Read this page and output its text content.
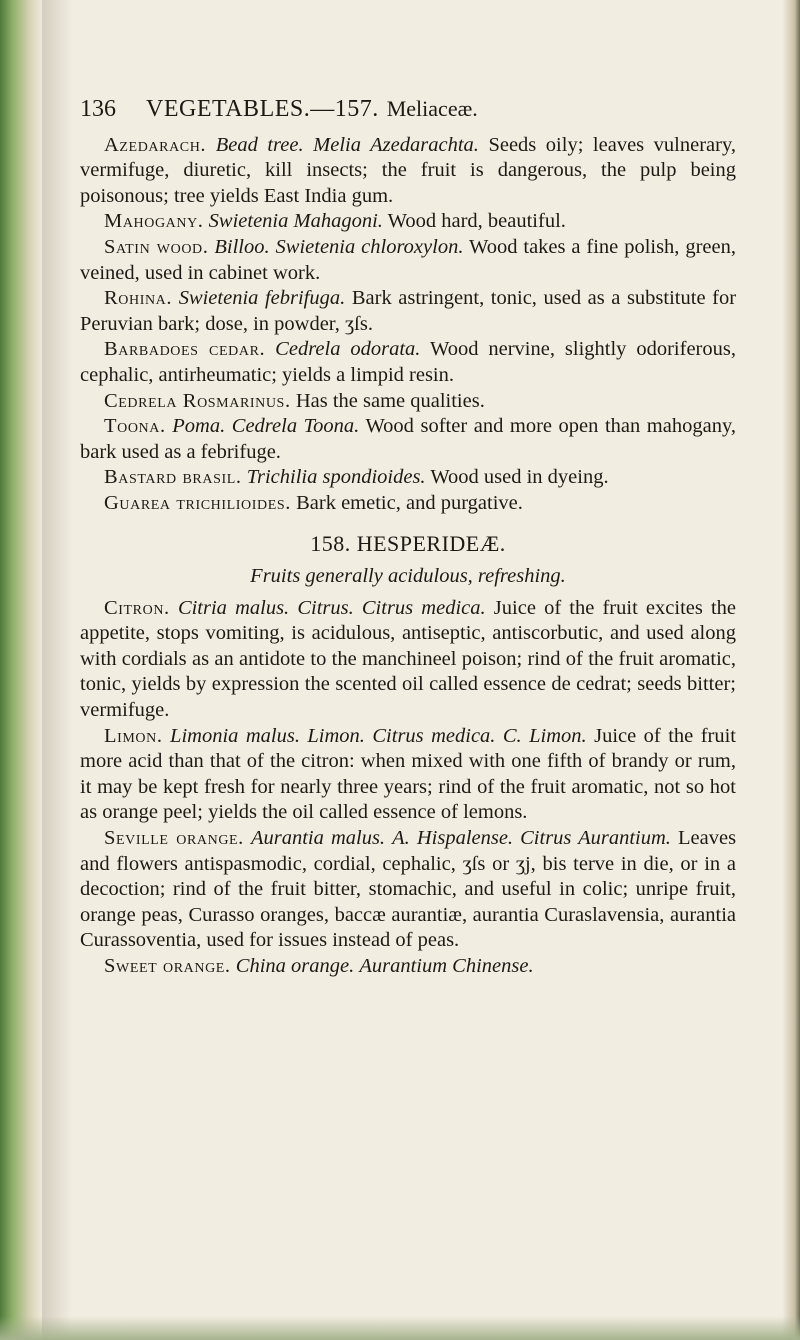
136 VEGETABLES.—157. Meliaceæ.

Azedarach. Bead tree. Melia Azedarachta. Seeds oily; leaves vulnerary, vermifuge, diuretic, kill insects; the fruit is dangerous, the pulp being poisonous; tree yields East India gum.

Mahogany. Swietenia Mahagoni. Wood hard, beautiful.

Satin wood. Billoo. Swietenia chloroxylon. Wood takes a fine polish, green, veined, used in cabinet work.

Rohina. Swietenia febrifuga. Bark astringent, tonic, used as a substitute for Peruvian bark; dose, in powder, ʒſs.

Barbadoes cedar. Cedrela odorata. Wood nervine, slightly odoriferous, cephalic, antirheumatic; yields a limpid resin.

Cedrela Rosmarinus. Has the same qualities.

Toona. Poma. Cedrela Toona. Wood softer and more open than mahogany, bark used as a febrifuge.

Bastard brasil. Trichilia spondioides. Wood used in dyeing.

Guarea trichilioides. Bark emetic, and purgative.

158. HESPERIDEÆ.
Fruits generally acidulous, refreshing.

Citron. Citria malus. Citrus. Citrus medica. Juice of the fruit excites the appetite, stops vomiting, is acidulous, antiseptic, antiscorbutic, and used along with cordials as an antidote to the manchineel poison; rind of the fruit aromatic, tonic, yields by expression the scented oil called essence de cedrat; seeds bitter; vermifuge.

Limon. Limonia malus. Limon. Citrus medica. C. Limon. Juice of the fruit more acid than that of the citron: when mixed with one fifth of brandy or rum, it may be kept fresh for nearly three years; rind of the fruit aromatic, not so hot as orange peel; yields the oil called essence of lemons.

Seville orange. Aurantia malus. A. Hispalense. Citrus Aurantium. Leaves and flowers antispasmodic, cordial, cephalic, ʒſs or ʒj, bis terve in die, or in a decoction; rind of the fruit bitter, stomachic, and useful in colic; unripe fruit, orange peas, Curasso oranges, baccæ aurantiæ, aurantia Curaslavensia, aurantia Curassoventia, used for issues instead of peas.

Sweet orange. China orange. Aurantium Chinense.
